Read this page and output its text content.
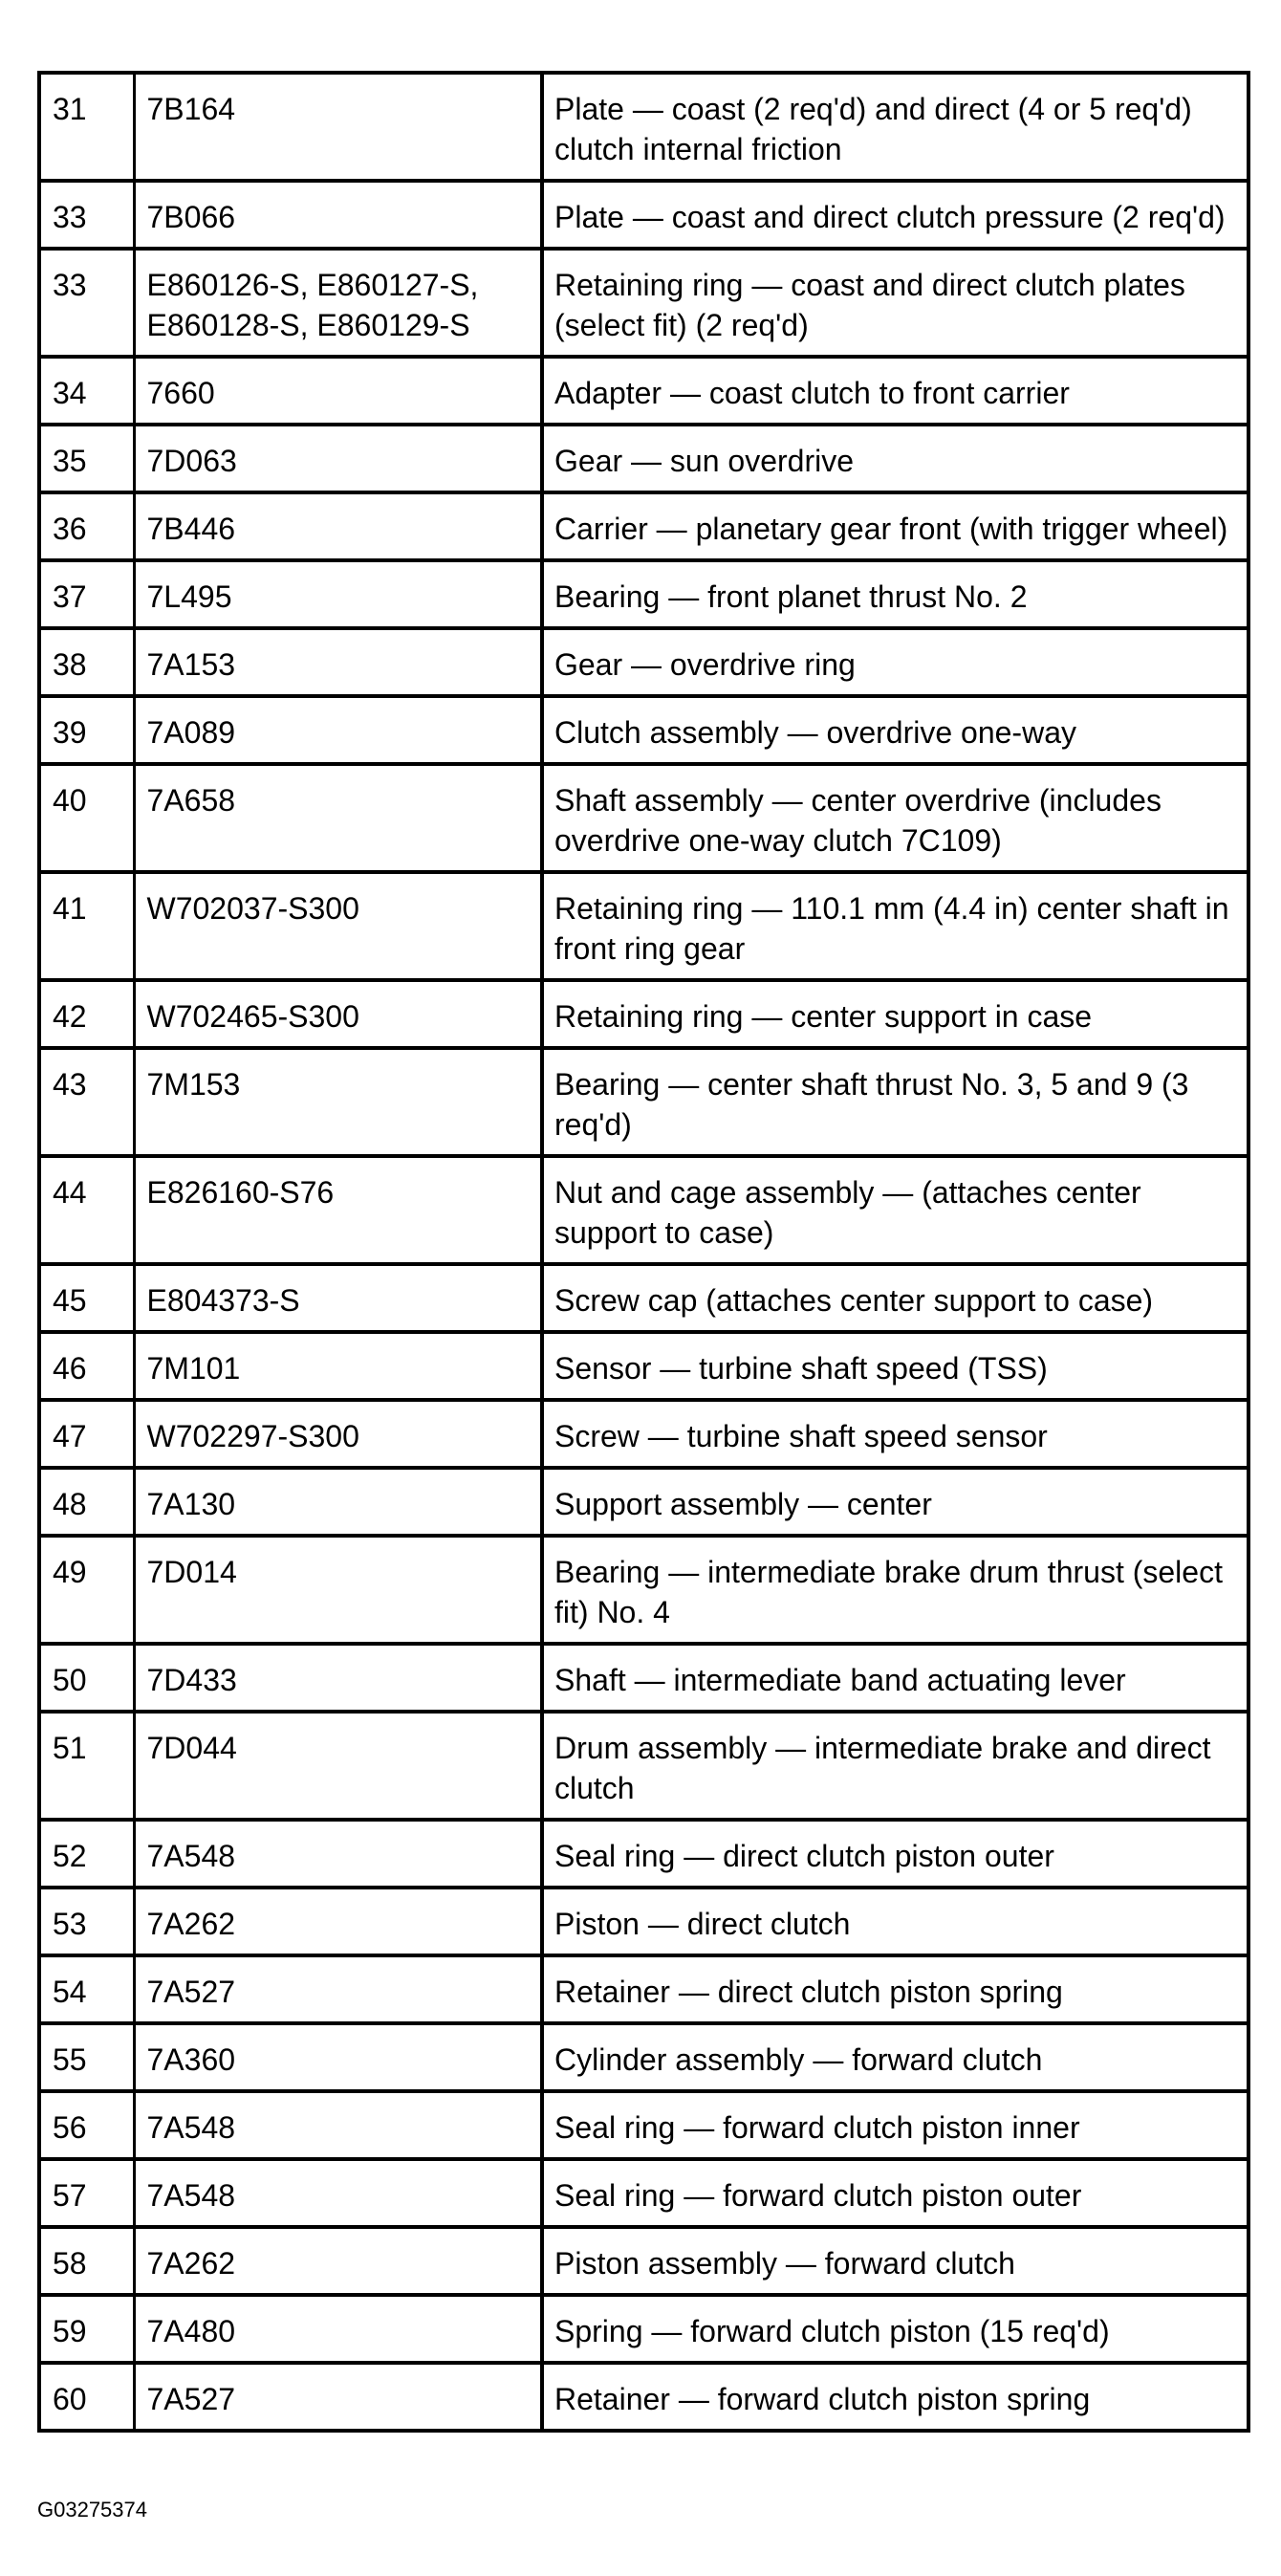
31	7B164	Plate — coast (2 req'd) and direct (4 or 5 req'd) clutch internal friction
33	7B066	Plate — coast and direct clutch pressure (2 req'd)
33	E860126-S, E860127-S, E860128-S, E860129-S	Retaining ring — coast and direct clutch plates (select fit) (2 req'd)
34	7660	Adapter — coast clutch to front carrier
35	7D063	Gear — sun overdrive
36	7B446	Carrier — planetary gear front (with trigger wheel)
37	7L495	Bearing — front planet thrust No. 2
38	7A153	Gear — overdrive ring
39	7A089	Clutch assembly — overdrive one-way
40	7A658	Shaft assembly — center overdrive (includes overdrive one-way clutch 7C109)
41	W702037-S300	Retaining ring — 110.1 mm (4.4 in) center shaft in front ring gear
42	W702465-S300	Retaining ring — center support in case
43	7M153	Bearing — center shaft thrust No. 3, 5 and 9 (3 req'd)
44	E826160-S76	Nut and cage assembly — (attaches center support to case)
45	E804373-S	Screw cap (attaches center support to case)
46	7M101	Sensor — turbine shaft speed (TSS)
47	W702297-S300	Screw — turbine shaft speed sensor
48	7A130	Support assembly — center
49	7D014	Bearing — intermediate brake drum thrust (select fit) No. 4
50	7D433	Shaft — intermediate band actuating lever
51	7D044	Drum assembly — intermediate brake and direct clutch
52	7A548	Seal ring — direct clutch piston outer
53	7A262	Piston — direct clutch
54	7A527	Retainer — direct clutch piston spring
55	7A360	Cylinder assembly — forward clutch
56	7A548	Seal ring — forward clutch piston inner
57	7A548	Seal ring — forward clutch piston outer
58	7A262	Piston assembly — forward clutch
59	7A480	Spring — forward clutch piston (15 req'd)
60	7A527	Retainer — forward clutch piston spring
G03275374
